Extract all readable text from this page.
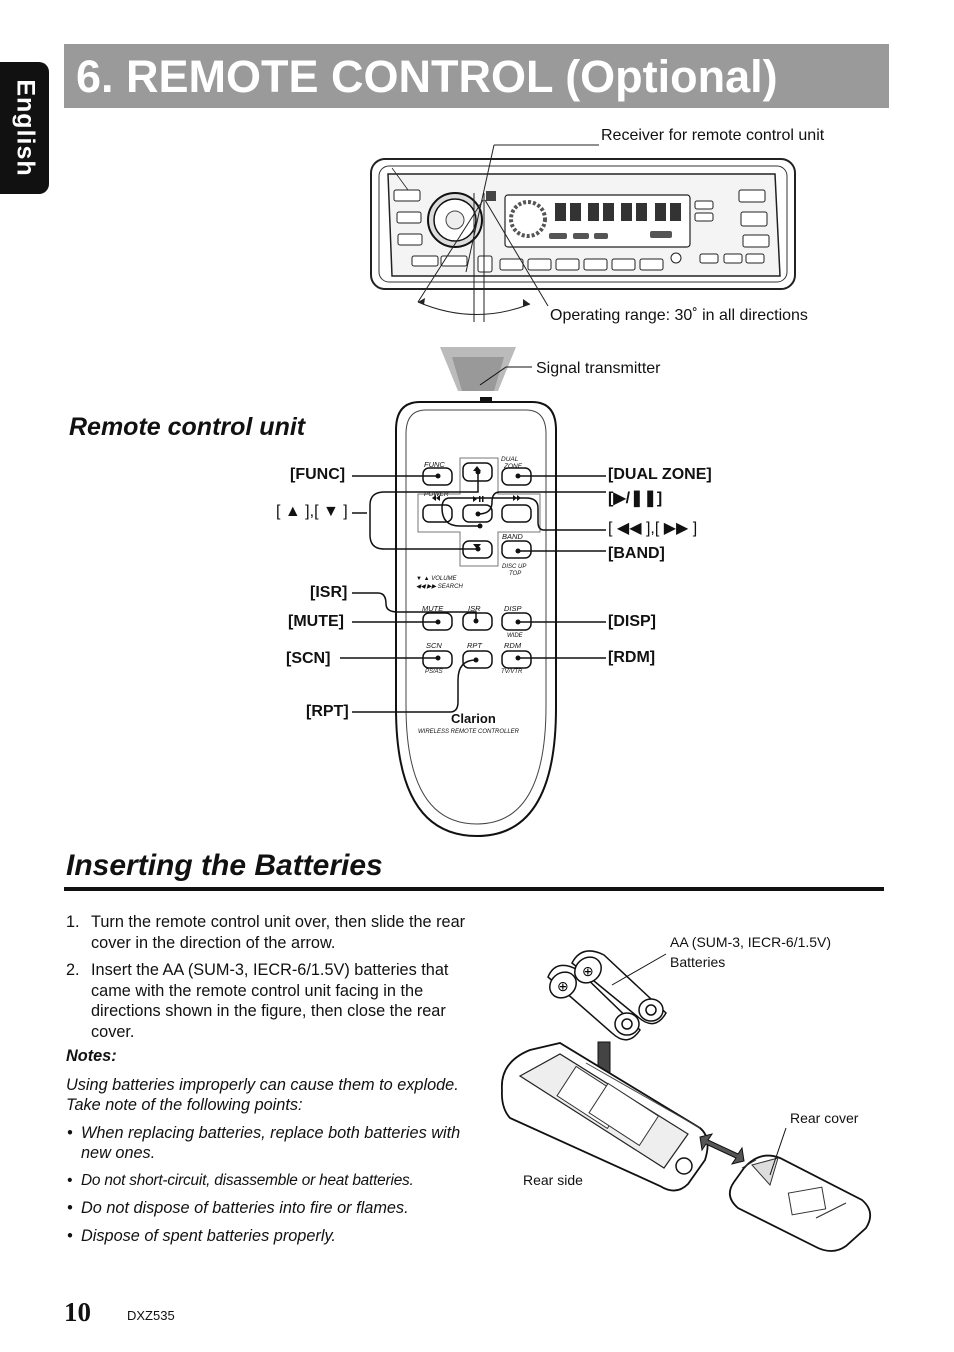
English
6. REMOTE CONTROL (Optional)
FUNC
DUAL
ZONE
POWER
BAND
DISC UP
TOP
▼ ▲ VOLUME
◀◀ ▶▶ SEARCH
MUTE	ISR	DISP
WIDE
SCN	RPT	RDM
PS/AS	TV/VTR
Clarion
WIRELESS REMOTE CONTROLLER
⊕
⊕
Receiver for remote control unit
Operating range: 30˚ in all directions
Remote control unit
Signal transmitter
[FUNC]
[ ▲ ],[ ▼ ]
[ISR]
[MUTE]
[SCN]
[RPT]
[DUAL ZONE]
[▶/❚❚]
[ ◀◀ ],[ ▶▶ ]
[BAND]
[DISP]
[RDM]
Inserting the Batteries
1. Turn the remote control unit over, then slide the rear cover in the direction of the arrow.
2. Insert the AA (SUM-3, IECR-6/1.5V) batteries that came with the remote control unit facing in the directions shown in the figure, then close the rear cover.
Notes:
Using batteries improperly can cause them to explode. Take note of the following points:
• When replacing batteries, replace both batteries with new ones.
• Do not short-circuit, disassemble or heat batteries.
• Do not dispose of batteries into fire or flames.
• Dispose of spent batteries properly.
AA (SUM-3, IECR-6/1.5V)
Batteries
Rear cover
Rear side
10	DXZ535
